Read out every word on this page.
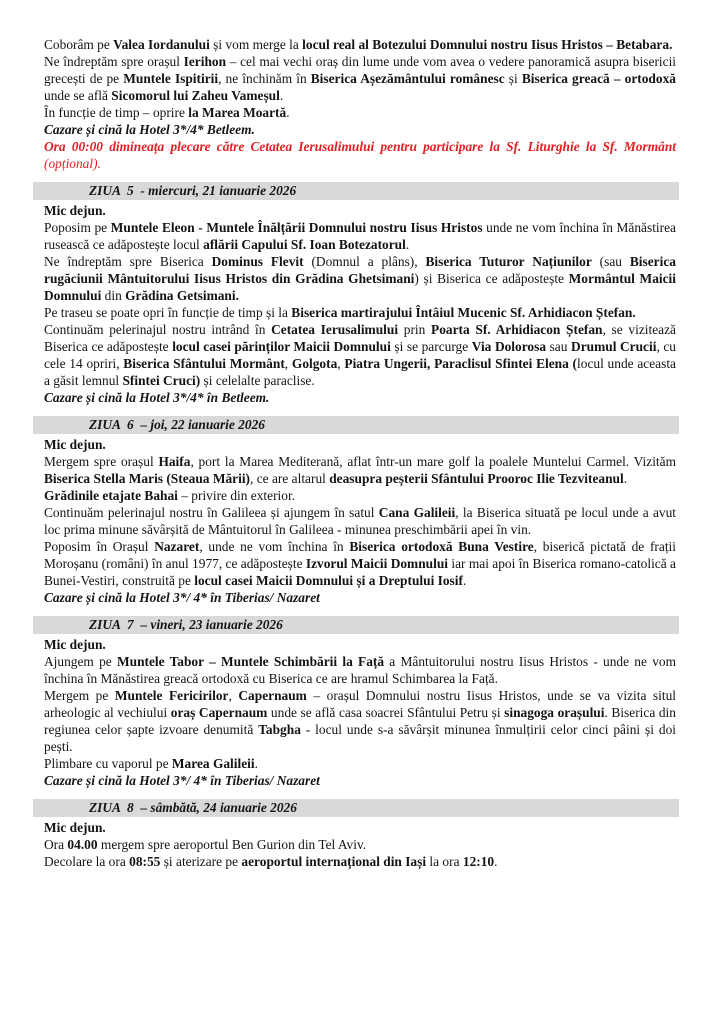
Coborâm pe Valea Iordanului și vom merge la locul real al Botezului Domnului nostru Iisus Hristos – Betabara.

Ne îndreptăm spre orașul Ierihon – cel mai vechi oraș din lume unde vom avea o vedere panoramică asupra bisericii grecești de pe Muntele Ispitirii, ne închinăm în Biserica Așezământului românesc și Biserica greacă – ortodoxă unde se află Sicomorul lui Zaheu Vameșul.

În funcție de timp – oprire la Marea Moartă.

Cazare și cină la Hotel 3*/4* Betleem.

Ora 00:00 dimineața plecare către Cetatea Ierusalimului pentru participare la Sf. Liturghie la Sf. Mormânt (opțional).

ZIUA  5  - miercuri, 21 ianuarie 2026

Mic dejun.

Poposim pe Muntele Eleon - Muntele Înălțării Domnului nostru Iisus Hristos unde ne vom închina în Mănăstirea rusească ce adăpostește locul aflării Capului Sf. Ioan Botezatorul.

Ne îndreptăm spre Biserica Dominus Flevit (Domnul a plâns), Biserica Tuturor Națiunilor (sau Biserica rugăciunii Mântuitorului Iisus Hristos din Grădina Ghetsimani) și Biserica ce adăpostește Mormântul Maicii Domnului din Grădina Getsimani.

Pe traseu se poate opri în funcție de timp și la Biserica martirajului Întâiul Mucenic Sf. Arhidiacon Ștefan.

Continuăm pelerinajul nostru intrând în Cetatea Ierusalimului prin Poarta Sf. Arhidiacon Ștefan, se vizitează Biserica ce adăpostește locul casei părinților Maicii Domnului și se parcurge Via Dolorosa sau Drumul Crucii, cu cele 14 opriri, Biserica Sfântului Mormânt, Golgota, Piatra Ungerii, Paraclisul Sfintei Elena (locul unde aceasta a găsit lemnul Sfintei Cruci) și celelalte paraclise.

Cazare și cină la Hotel 3*/4* în Betleem.

ZIUA  6  – joi, 22 ianuarie 2026

Mic dejun.

Mergem spre orașul Haifa, port la Marea Mediterană, aflat într-un mare golf la poalele Muntelui Carmel. Vizităm Biserica Stella Maris (Steaua Mării), ce are altarul deasupra peșterii Sfântului Prooroc Ilie Tezviteanul.

Grădinile etajate Bahai – privire din exterior.

Continuăm pelerinajul nostru în Galileea și ajungem în satul Cana Galileii, la Biserica situată pe locul unde a avut loc prima minune săvârșită de Mântuitorul în Galileea - minunea preschimbării apei în vin.

Poposim în Orașul Nazaret, unde ne vom închina în Biserica ortodoxă Buna Vestire, biserică pictată de frații Moroșanu (români) în anul 1977, ce adăpostește Izvorul Maicii Domnului iar mai apoi în Biserica romano-catolică a Bunei-Vestiri, construită pe locul casei Maicii Domnului și a Dreptului Iosif.

Cazare și cină la Hotel 3*/ 4* în Tiberias/ Nazaret

ZIUA  7  – vineri, 23 ianuarie 2026

Mic dejun.

Ajungem pe Muntele Tabor – Muntele Schimbării la Față a Mântuitorului nostru Iisus Hristos - unde ne vom închina în Mănăstirea greacă ortodoxă cu Biserica ce are hramul Schimbarea la Față.

Mergem pe Muntele Fericirilor, Capernaum – orașul Domnului nostru Iisus Hristos, unde se va vizita situl arheologic al vechiului oraș Capernaum unde se află casa soacrei Sfântului Petru și sinagoga orașului. Biserica din regiunea celor șapte izvoare denumită Tabgha - locul unde s-a săvârșit minunea înmulțirii celor cinci pâini și doi pești.

Plimbare cu vaporul pe Marea Galileii.

Cazare și cină la Hotel 3*/ 4* în Tiberias/ Nazaret

ZIUA  8  – sâmbătă, 24 ianuarie 2026

Mic dejun.

Ora 04.00 mergem spre aeroportul Ben Gurion din Tel Aviv.

Decolare la ora 08:55 și aterizare pe aeroportul internațional din Iași la ora 12:10.
